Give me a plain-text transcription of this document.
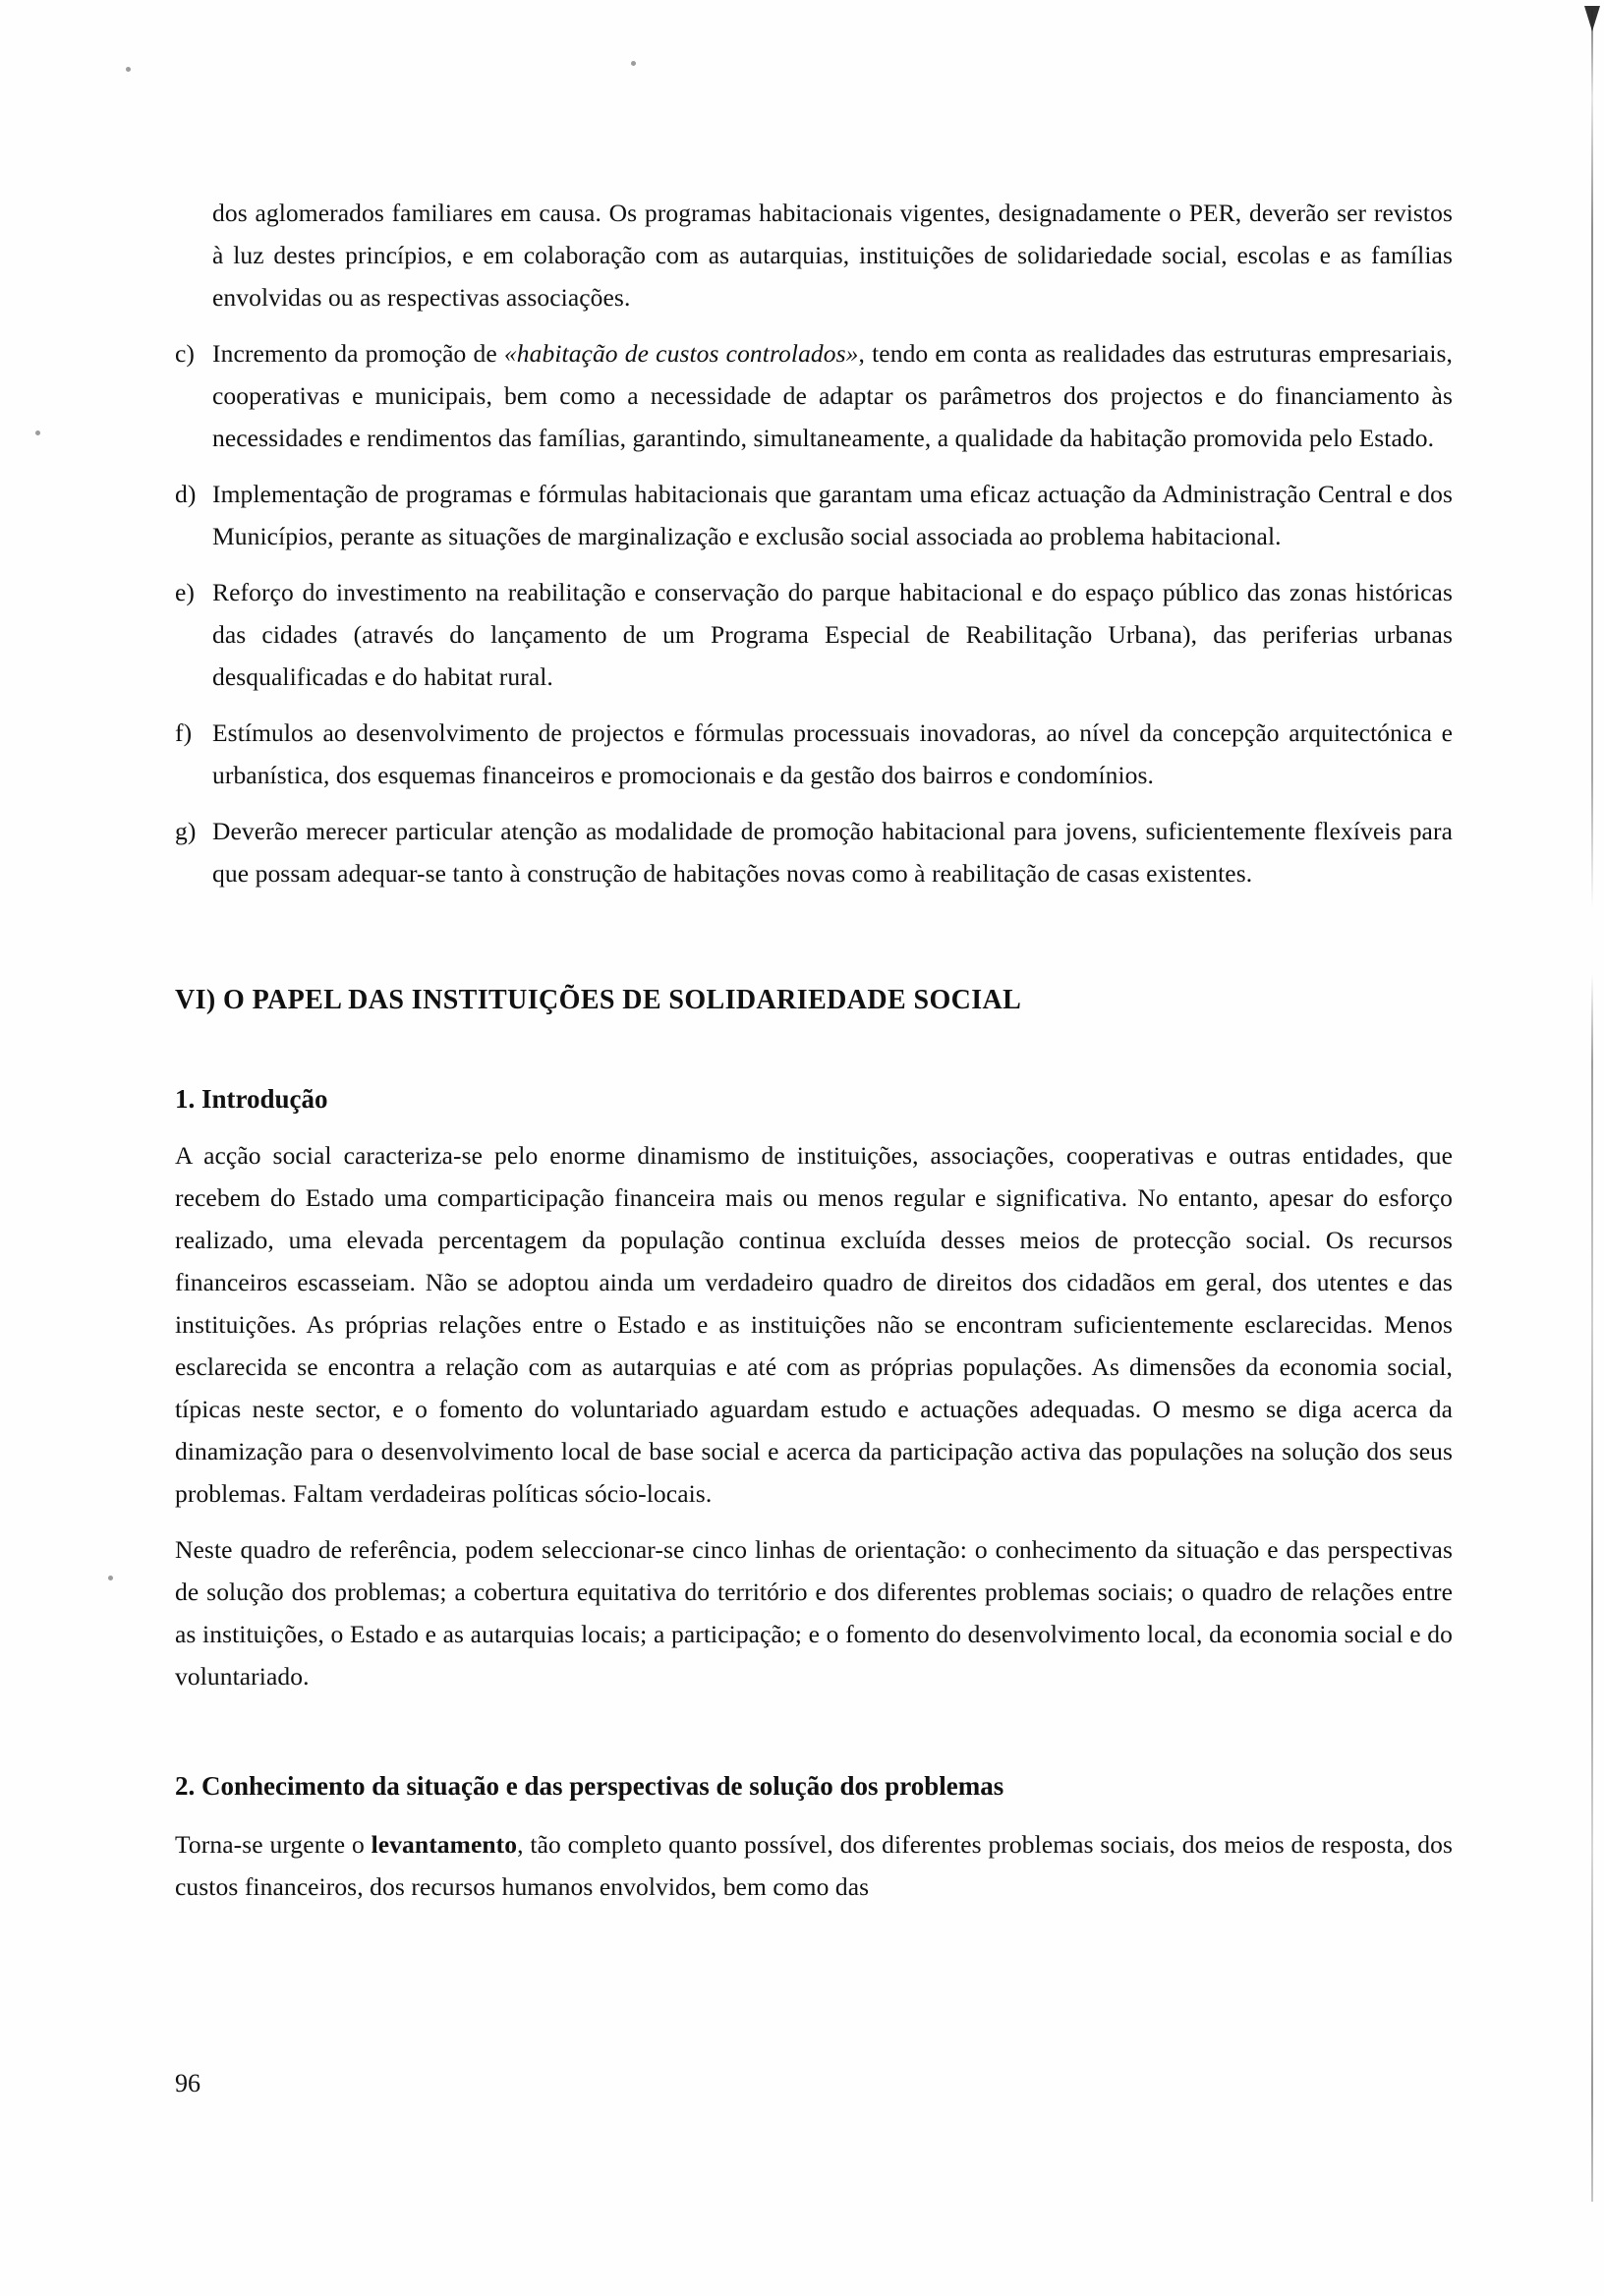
dos aglomerados familiares em causa. Os programas habitacionais vigentes, designadamente o PER, deverão ser revistos à luz destes princípios, e em colaboração com as autarquias, instituições de solidariedade social, escolas e as famílias envolvidas ou as respectivas associações.

c) Incremento da promoção de «habitação de custos controlados», tendo em conta as realidades das estruturas empresariais, cooperativas e municipais, bem como a necessidade de adaptar os parâmetros dos projectos e do financiamento às necessidades e rendimentos das famílias, garantindo, simultaneamente, a qualidade da habitação promovida pelo Estado.
d) Implementação de programas e fórmulas habitacionais que garantam uma eficaz actuação da Administração Central e dos Municípios, perante as situações de marginalização e exclusão social associada ao problema habitacional.
e) Reforço do investimento na reabilitação e conservação do parque habitacional e do espaço público das zonas históricas das cidades (através do lançamento de um Programa Especial de Reabilitação Urbana), das periferias urbanas desqualificadas e do habitat rural.
f) Estímulos ao desenvolvimento de projectos e fórmulas processuais inovadoras, ao nível da concepção arquitectónica e urbanística, dos esquemas financeiros e promocionais e da gestão dos bairros e condomínios.
g) Deverão merecer particular atenção as modalidade de promoção habitacional para jovens, suficientemente flexíveis para que possam adequar-se tanto à construção de habitações novas como à reabilitação de casas existentes.
VI) O PAPEL DAS INSTITUIÇÕES DE SOLIDARIEDADE SOCIAL
1. Introdução

A acção social caracteriza-se pelo enorme dinamismo de instituições, associações, cooperativas e outras entidades, que recebem do Estado uma comparticipação financeira mais ou menos regular e significativa. No entanto, apesar do esforço realizado, uma elevada percentagem da população continua excluída desses meios de protecção social. Os recursos financeiros escasseiam. Não se adoptou ainda um verdadeiro quadro de direitos dos cidadãos em geral, dos utentes e das instituições. As próprias relações entre o Estado e as instituições não se encontram suficientemente esclarecidas. Menos esclarecida se encontra a relação com as autarquias e até com as próprias populações. As dimensões da economia social, típicas neste sector, e o fomento do voluntariado aguardam estudo e actuações adequadas. O mesmo se diga acerca da dinamização para o desenvolvimento local de base social e acerca da participação activa das populações na solução dos seus problemas. Faltam verdadeiras políticas sócio-locais.

Neste quadro de referência, podem seleccionar-se cinco linhas de orientação: o conhecimento da situação e das perspectivas de solução dos problemas; a cobertura equitativa do território e dos diferentes problemas sociais; o quadro de relações entre as instituições, o Estado e as autarquias locais; a participação; e o fomento do desenvolvimento local, da economia social e do voluntariado.

2. Conhecimento da situação e das perspectivas de solução dos problemas

Torna-se urgente o levantamento, tão completo quanto possível, dos diferentes problemas sociais, dos meios de resposta, dos custos financeiros, dos recursos humanos envolvidos, bem como das

96
